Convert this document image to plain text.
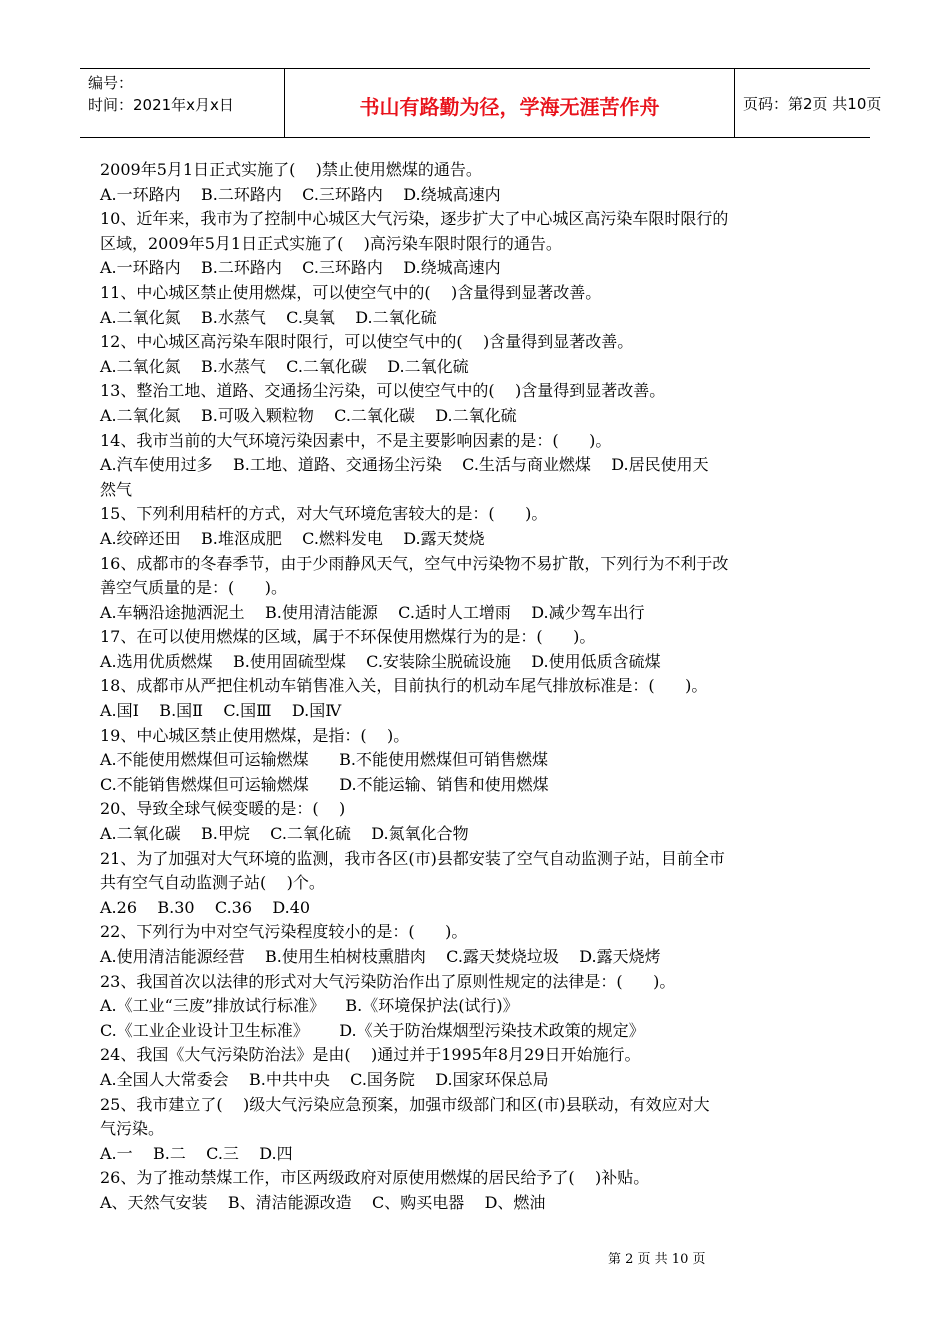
编号：
时间：2021年x月x日	书山有路勤为径，学海无涯苦作舟	页码：第2页 共10页
2009年5月1日正式实施了(    )禁止使用燃煤的通告。
A.一环路内    B.二环路内    C.三环路内    D.绕城高速内
10、近年来，我市为了控制中心城区大气污染，逐步扩大了中心城区高污染车限时限行的
区域，2009年5月1日正式实施了(    )高污染车限时限行的通告。
A.一环路内    B.二环路内    C.三环路内    D.绕城高速内
11、中心城区禁止使用燃煤，可以使空气中的(    )含量得到显著改善。
A.二氧化氮    B.水蒸气    C.臭氧    D.二氧化硫
12、中心城区高污染车限时限行，可以使空气中的(    )含量得到显著改善。
A.二氧化氮    B.水蒸气    C.二氧化碳    D.二氧化硫
13、整治工地、道路、交通扬尘污染，可以使空气中的(    )含量得到显著改善。
A.二氧化氮    B.可吸入颗粒物    C.二氧化碳    D.二氧化硫
14、我市当前的大气环境污染因素中，不是主要影响因素的是：(      )。
A.汽车使用过多    B.工地、道路、交通扬尘污染    C.生活与商业燃煤    D.居民使用天
然气
15、下列利用秸杆的方式，对大气环境危害较大的是：(      )。
A.绞碎还田    B.堆沤成肥    C.燃料发电    D.露天焚烧
16、成都市的冬春季节，由于少雨静风天气，空气中污染物不易扩散，下列行为不利于改
善空气质量的是：(      )。
A.车辆沿途抛洒泥土    B.使用清洁能源    C.适时人工增雨    D.减少驾车出行
17、在可以使用燃煤的区域，属于不环保使用燃煤行为的是：(      )。
A.选用优质燃煤    B.使用固硫型煤    C.安装除尘脱硫设施    D.使用低质含硫煤
18、成都市从严把住机动车销售准入关，目前执行的机动车尾气排放标准是：(      )。
A.国Ⅰ    B.国Ⅱ    C.国Ⅲ    D.国Ⅳ
19、中心城区禁止使用燃煤，是指：(    )。
A.不能使用燃煤但可运输燃煤      B.不能使用燃煤但可销售燃煤
C.不能销售燃煤但可运输燃煤      D.不能运输、销售和使用燃煤
20、导致全球气候变暖的是：(    )
A.二氧化碳    B.甲烷    C.二氧化硫    D.氮氧化合物
21、为了加强对大气环境的监测，我市各区(市)县都安装了空气自动监测子站，目前全市
共有空气自动监测子站(    )个。
A.26    B.30    C.36    D.40
22、下列行为中对空气污染程度较小的是：(      )。
A.使用清洁能源经营    B.使用生柏树枝熏腊肉    C.露天焚烧垃圾    D.露天烧烤
23、我国首次以法律的形式对大气污染防治作出了原则性规定的法律是：(      )。
A.《工业“三废”排放试行标准》    B.《环境保护法(试行)》
C.《工业企业设计卫生标准》      D.《关于防治煤烟型污染技术政策的规定》
24、我国《大气污染防治法》是由(    )通过并于1995年8月29日开始施行。
A.全国人大常委会    B.中共中央    C.国务院    D.国家环保总局
25、我市建立了(    )级大气污染应急预案，加强市级部门和区(市)县联动，有效应对大
气污染。
A.一    B.二    C.三    D.四
26、为了推动禁煤工作，市区两级政府对原使用燃煤的居民给予了(    )补贴。
A、天然气安装    B、清洁能源改造    C、购买电器    D、燃油
第 2 页 共 10 页
